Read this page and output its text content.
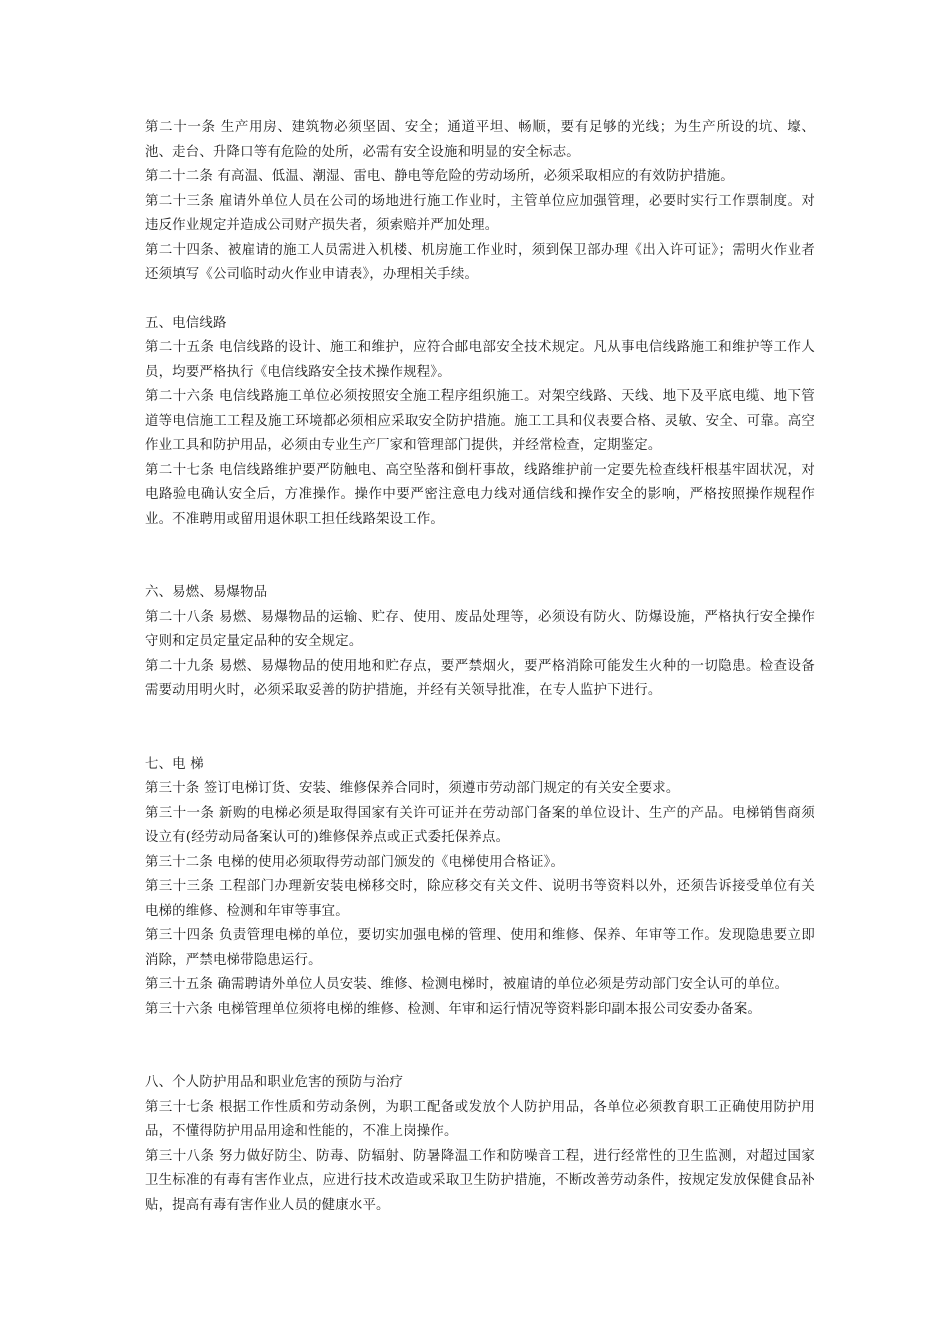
第二十一条 生产用房、建筑物必须坚固、安全；通道平坦、畅顺，要有足够的光线；为生产所设的坑、壕、池、走台、升降口等有危险的处所，必需有安全设施和明显的安全标志。

第二十二条 有高温、低温、潮湿、雷电、静电等危险的劳动场所，必须采取相应的有效防护措施。

第二十三条 雇请外单位人员在公司的场地进行施工作业时，主管单位应加强管理，必要时实行工作票制度。对违反作业规定并造成公司财产损失者，须索赔并严加处理。

第二十四条、被雇请的施工人员需进入机楼、机房施工作业时，须到保卫部办理《出入许可证》；需明火作业者还须填写《公司临时动火作业申请表》，办理相关手续。

五、电信线路

第二十五条 电信线路的设计、施工和维护，应符合邮电部安全技术规定。凡从事电信线路施工和维护等工作人员，均要严格执行《电信线路安全技术操作规程》。

第二十六条 电信线路施工单位必须按照安全施工程序组织施工。对架空线路、天线、地下及平底电缆、地下管道等电信施工工程及施工环境都必须相应采取安全防护措施。施工工具和仪表要合格、灵敏、安全、可靠。高空作业工具和防护用品，必须由专业生产厂家和管理部门提供，并经常检查，定期鉴定。

第二十七条 电信线路维护要严防触电、高空坠落和倒杆事故，线路维护前一定要先检查线杆根基牢固状况，对电路验电确认安全后，方准操作。操作中要严密注意电力线对通信线和操作安全的影响，严格按照操作规程作业。不准聘用或留用退休职工担任线路架设工作。

六、易燃、易爆物品

第二十八条 易燃、易爆物品的运输、贮存、使用、废品处理等，必须设有防火、防爆设施，严格执行安全操作守则和定员定量定品种的安全规定。

第二十九条 易燃、易爆物品的使用地和贮存点，要严禁烟火，要严格消除可能发生火种的一切隐患。检查设备需要动用明火时，必须采取妥善的防护措施，并经有关领导批准，在专人监护下进行。

七、电 梯

第三十条 签订电梯订货、安装、维修保养合同时，须遵市劳动部门规定的有关安全要求。

第三十一条 新购的电梯必须是取得国家有关许可证并在劳动部门备案的单位设计、生产的产品。电梯销售商须设立有(经劳动局备案认可的)维修保养点或正式委托保养点。

第三十二条 电梯的使用必须取得劳动部门颁发的《电梯使用合格证》。

第三十三条 工程部门办理新安装电梯移交时，除应移交有关文件、说明书等资料以外，还须告诉接受单位有关电梯的维修、检测和年审等事宜。

第三十四条 负责管理电梯的单位，要切实加强电梯的管理、使用和维修、保养、年审等工作。发现隐患要立即消除，严禁电梯带隐患运行。

第三十五条 确需聘请外单位人员安装、维修、检测电梯时，被雇请的单位必须是劳动部门安全认可的单位。

第三十六条 电梯管理单位须将电梯的维修、检测、年审和运行情况等资料影印副本报公司安委办备案。

八、个人防护用品和职业危害的预防与治疗

第三十七条 根据工作性质和劳动条例，为职工配备或发放个人防护用品，各单位必须教育职工正确使用防护用品，不懂得防护用品用途和性能的，不准上岗操作。

第三十八条 努力做好防尘、防毒、防辐射、防暑降温工作和防噪音工程，进行经常性的卫生监测，对超过国家卫生标准的有毒有害作业点，应进行技术改造或采取卫生防护措施，不断改善劳动条件，按规定发放保健食品补贴，提高有毒有害作业人员的健康水平。
